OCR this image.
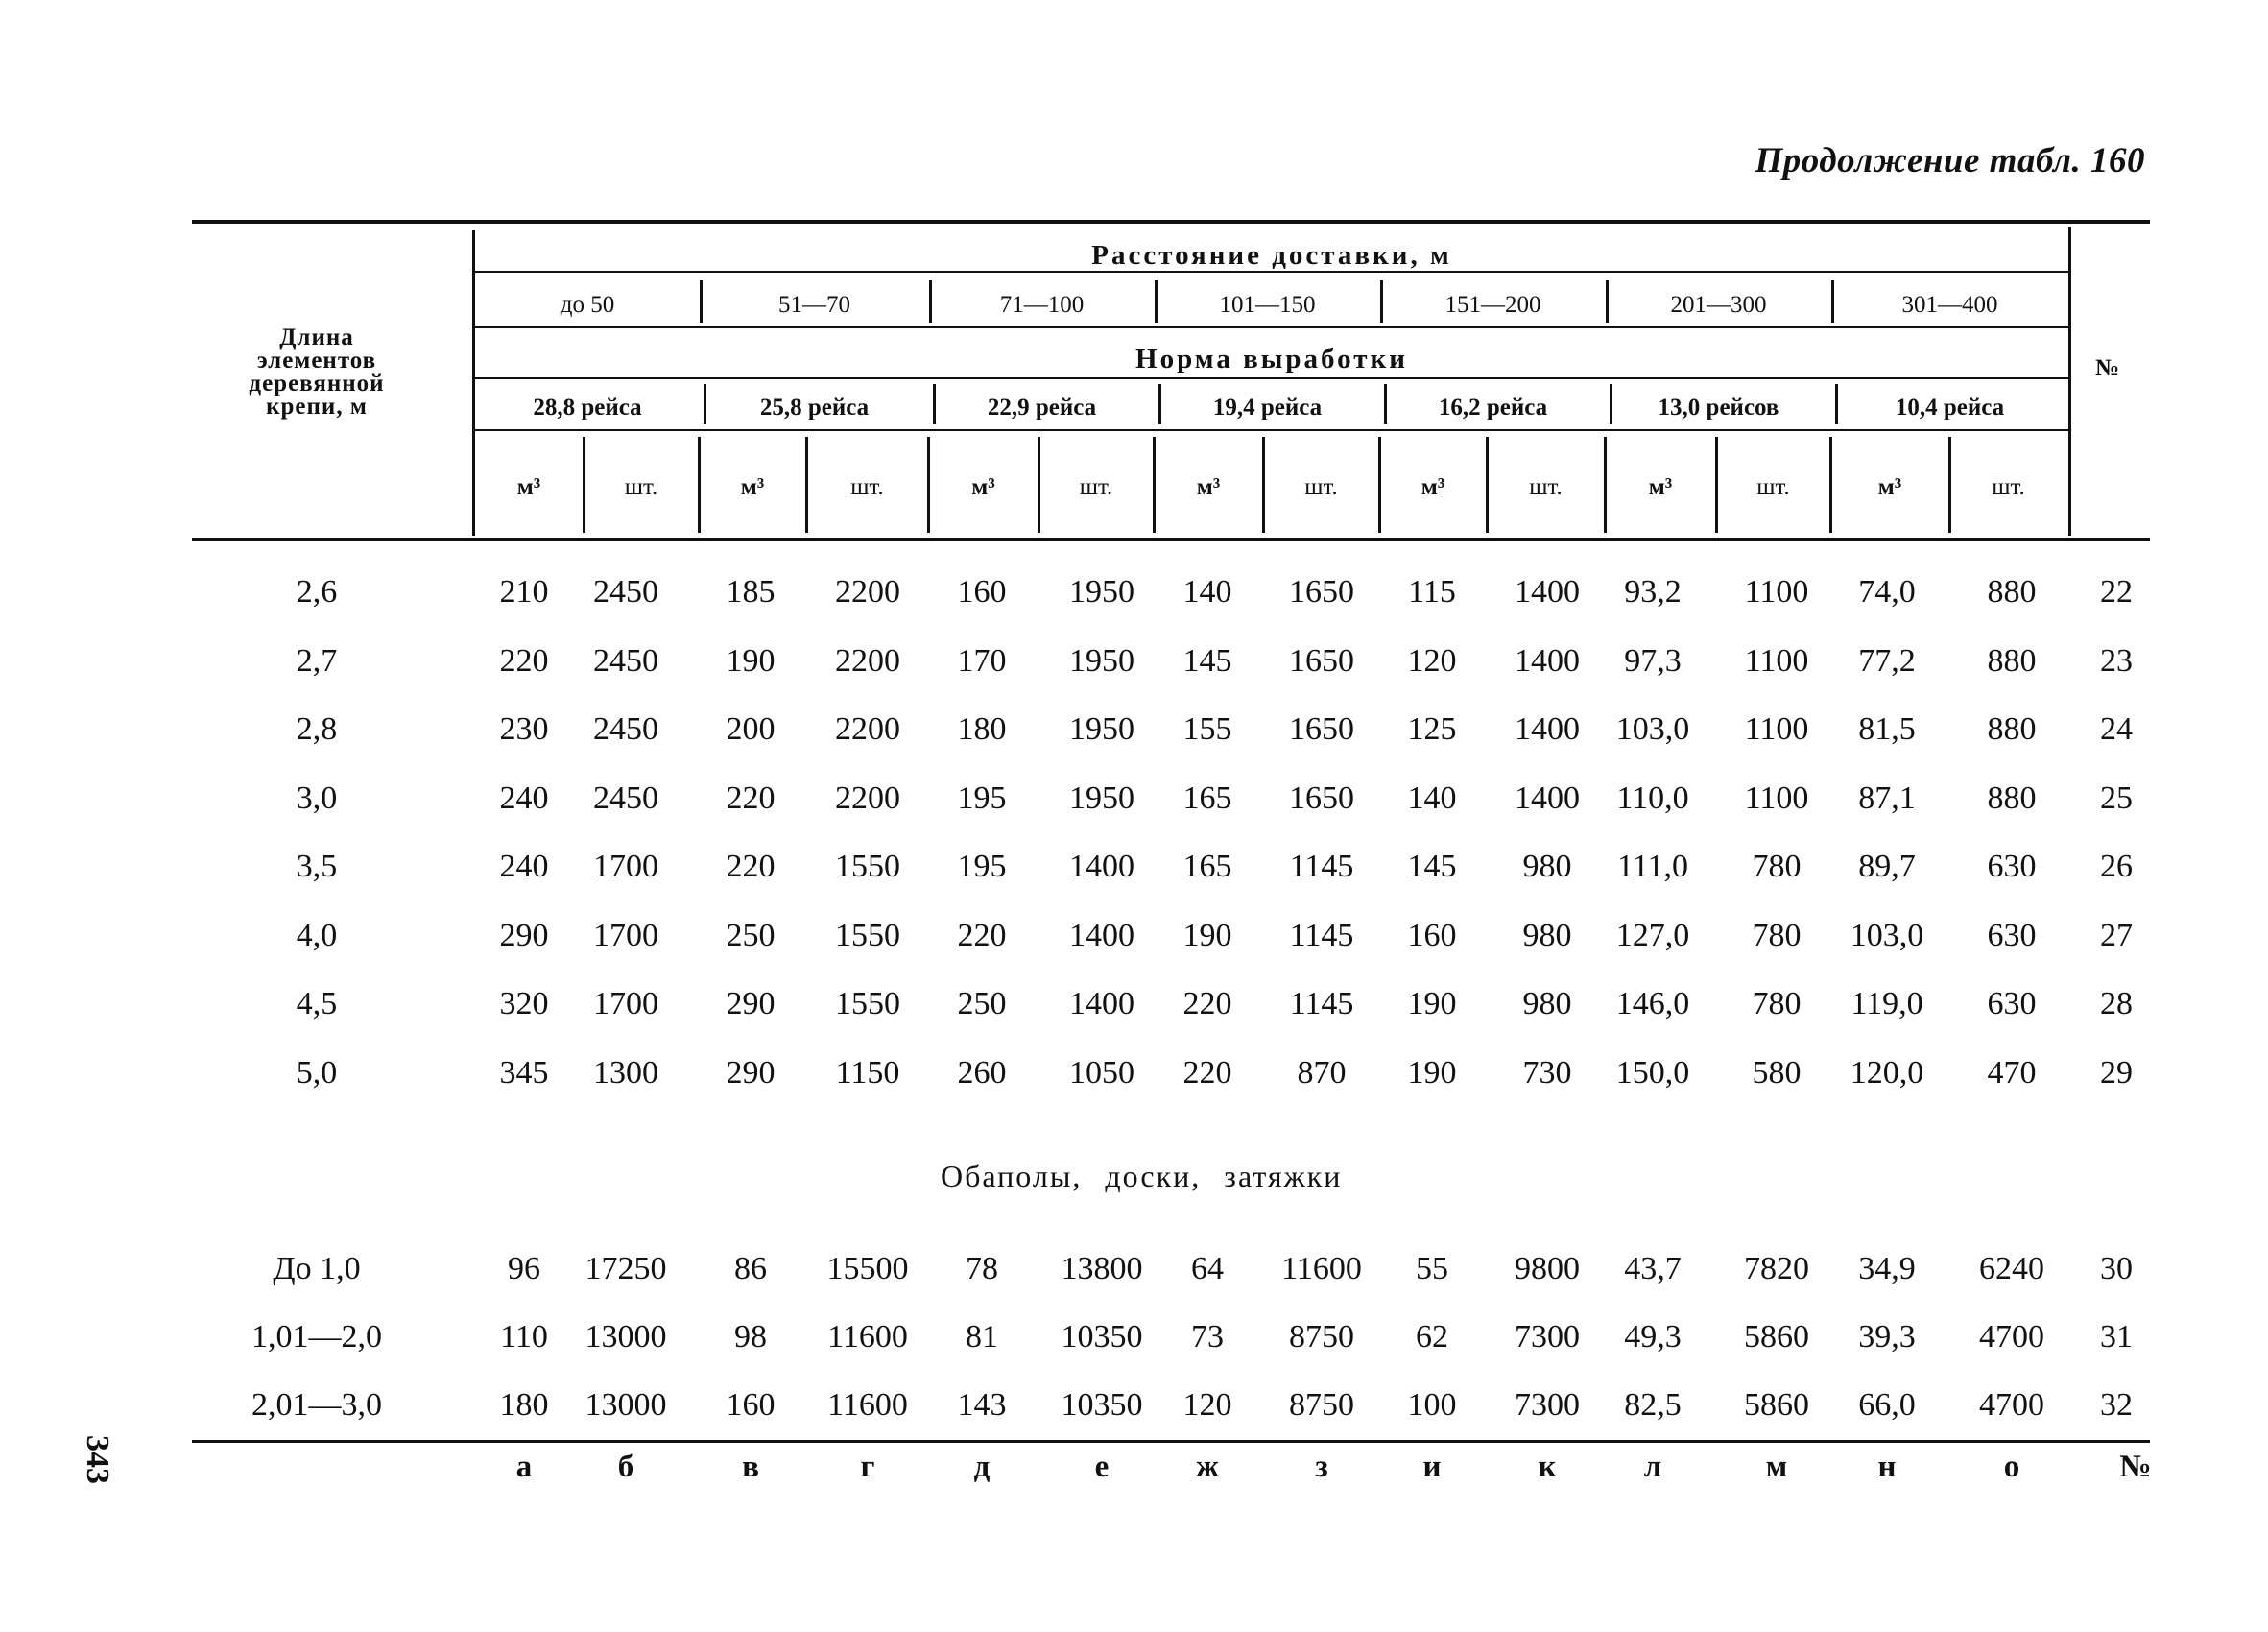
Продолжение табл. 160
до 50	51—70	71—100	101—150	151—200	201—300	301—400
28,8 рейса	25,8 рейса	22,9 рейса	19,4 рейса	16,2 рейса	13,0 рейсов	10,4 рейса
м³	шт.	м³	шт.	м³	шт.	м³	шт.	м³	шт.	м³	шт.	м³	шт.
Длина
элементов
деревянной
крепи, м
Расстояние доставки, м
Норма выработки	№
2,6	210	2450	185	2200	160	1950	140	1650	115	1400	93,2	1100	74,0	880	22
2,7	220	2450	190	2200	170	1950	145	1650	120	1400	97,3	1100	77,2	880	23
2,8	230	2450	200	2200	180	1950	155	1650	125	1400	103,0	1100	81,5	880	24
3,0	240	2450	220	2200	195	1950	165	1650	140	1400	110,0	1100	87,1	880	25
3,5	240	1700	220	1550	195	1400	165	1145	145	980	111,0	780	89,7	630	26
4,0	290	1700	250	1550	220	1400	190	1145	160	980	127,0	780	103,0	630	27
4,5	320	1700	290	1550	250	1400	220	1145	190	980	146,0	780	119,0	630	28
5,0	345	1300	290	1150	260	1050	220	870	190	730	150,0	580	120,0	470	29
До 1,0	96	17250	86	15500	78	13800	64	11600	55	9800	43,7	7820	34,9	6240	30
1,01—2,0	110	13000	98	11600	81	10350	73	8750	62	7300	49,3	5860	39,3	4700	31
2,01—3,0	180	13000	160	11600	143	10350	120	8750	100	7300	82,5	5860	66,0	4700	32
Обаполы, доски, затяжки
343	а	б	в	г	д	е	ж	з	и	к	л	м	н	о	№
